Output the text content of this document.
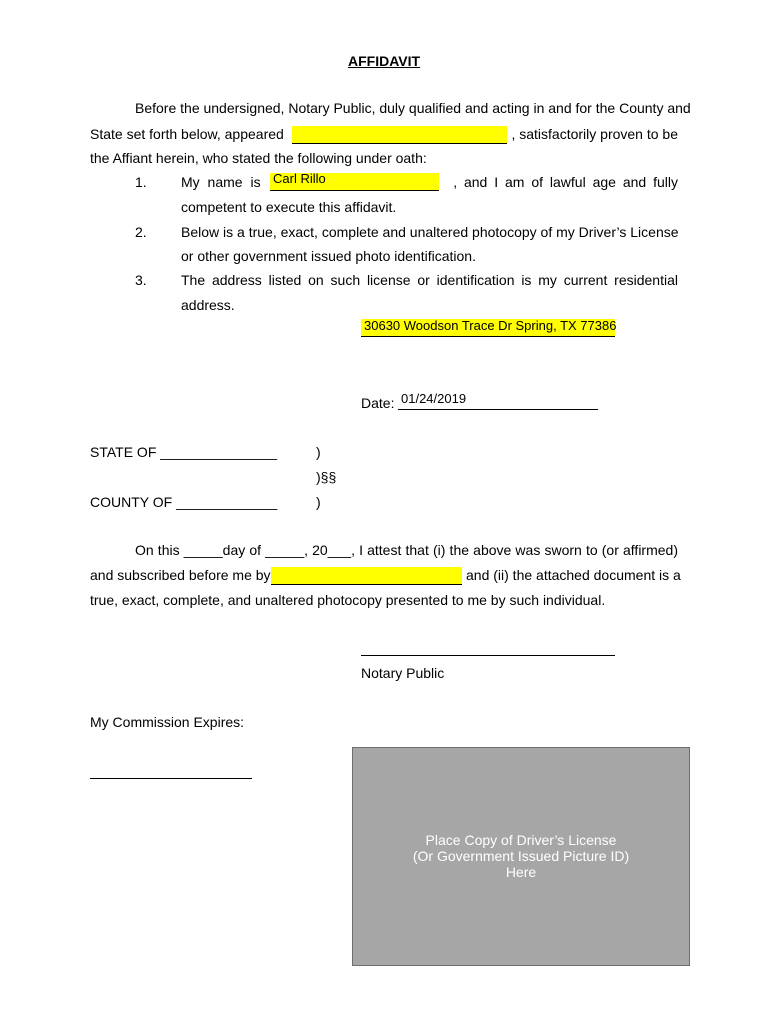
AFFIDAVIT
Before the undersigned, Notary Public, duly qualified and acting in and for the County and
State set forth below, appeared	, satisfactorily proven to be
the Affiant herein, who stated the following under oath:
1. My name is Carl Rillo	, and I am of lawful age and fully
competent to execute this affidavit.
2. Below is a true, exact, complete and unaltered photocopy of my Driver’s License
or other government issued photo identification.
3. The address listed on such license or identification is my current residential
address.
30630 Woodson Trace Dr Spring, TX 77386
Date: 01/24/2019
STATE OF _______________	)
)§§
COUNTY OF _____________	)
On this _____day of _____, 20___, I attest that (i) the above was sworn to (or affirmed)
and subscribed before me by	and (ii) the attached document is a
true, exact, complete, and unaltered photocopy presented to me by such individual.
Notary Public
My Commission Expires:
Place Copy of Driver’s License
(Or Government Issued Picture ID)
Here
